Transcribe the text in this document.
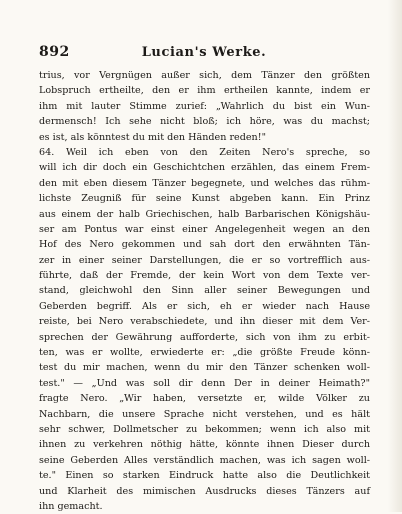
892	Lucian's Werke.
trius, vor Vergnügen außer sich, dem Tänzer den größten
Lobspruch ertheilte, den er ihm ertheilen kannte, indem er
ihm mit lauter Stimme zurief: „Wahrlich du bist ein Wun-
dermensch! Ich sehe nicht bloß; ich höre, was du machst;
es ist, als könntest du mit den Händen reden!"
64. Weil ich eben von den Zeiten Nero's spreche, so
will ich dir doch ein Geschichtchen erzählen, das einem Frem-
den mit eben diesem Tänzer begegnete, und welches das rühm-
lichste Zeugniß für seine Kunst abgeben kann. Ein Prinz
aus einem der halb Griechischen, halb Barbarischen Königshäu-
ser am Pontus war einst einer Angelegenheit wegen an den
Hof des Nero gekommen und sah dort den erwähnten Tän-
zer in einer seiner Darstellungen, die er so vortrefflich aus-
führte, daß der Fremde, der kein Wort von dem Texte ver-
stand, gleichwohl den Sinn aller seiner Bewegungen und
Geberden begriff. Als er sich, eh er wieder nach Hause
reiste, bei Nero verabschiedete, und ihn dieser mit dem Ver-
sprechen der Gewährung aufforderte, sich von ihm zu erbit-
ten, was er wollte, erwiederte er: „die größte Freude könn-
test du mir machen, wenn du mir den Tänzer schenken woll-
test." — „Und was soll dir denn Der in deiner Heimath?"
fragte Nero. „Wir haben, versetzte er, wilde Völker zu
Nachbarn, die unsere Sprache nicht verstehen, und es hält
sehr schwer, Dollmetscher zu bekommen; wenn ich also mit
ihnen zu verkehren nöthig hätte, könnte ihnen Dieser durch
seine Geberden Alles verständlich machen, was ich sagen woll-
te." Einen so starken Eindruck hatte also die Deutlichkeit
und Klarheit des mimischen Ausdrucks dieses Tänzers auf
ihn gemacht.
